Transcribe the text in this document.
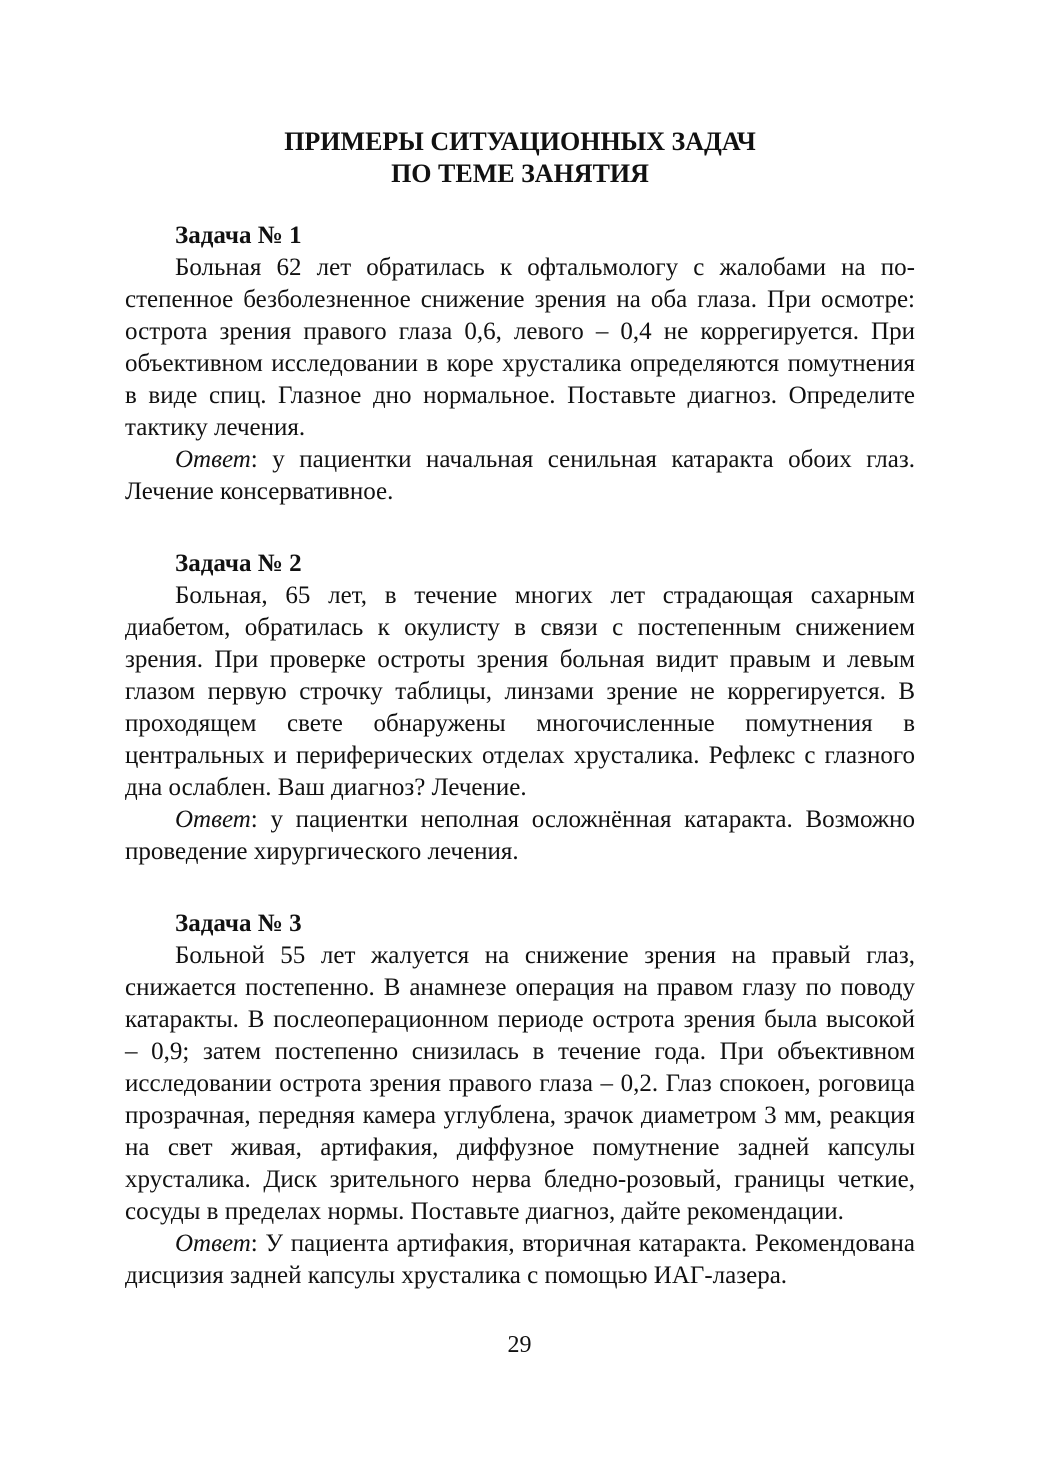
ПРИМЕРЫ СИТУАЦИОННЫХ ЗАДАЧ
ПО ТЕМЕ ЗАНЯТИЯ

Задача № 1

Больная 62 лет обратилась к офтальмологу с жалобами на постепенное безболезненное снижение зрения на оба глаза. При осмотре: острота зрения правого глаза 0,6, левого – 0,4 не коррегируется. При объективном исследовании в коре хрусталика определяются помутнения в виде спиц. Глазное дно нормальное. Поставьте диагноз. Определите тактику лечения.

Ответ: у пациентки начальная сенильная катаракта обоих глаз. Лечение консервативное.

Задача № 2

Больная, 65 лет, в течение многих лет страдающая сахарным диабетом, обратилась к окулисту в связи с постепенным снижением зрения. При проверке остроты зрения больная видит правым и левым глазом первую строчку таблицы, линзами зрение не коррегируется. В проходящем свете обнаружены многочисленные помутнения в центральных и периферических отделах хрусталика. Рефлекс с глазного дна ослаблен. Ваш диагноз? Лечение.

Ответ: у пациентки неполная осложнённая катаракта. Возможно проведение хирургического лечения.

Задача № 3

Больной 55 лет жалуется на снижение зрения на правый глаз, снижается постепенно. В анамнезе операция на правом глазу по поводу катаракты. В послеоперационном периоде острота зрения была высокой – 0,9; затем постепенно снизилась в течение года. При объективном исследовании острота зрения правого глаза – 0,2. Глаз спокоен, роговица прозрачная, передняя камера углублена, зрачок диаметром 3 мм, реакция на свет живая, артифакия, диффузное помутнение задней капсулы хрусталика. Диск зрительного нерва бледно-розовый, границы четкие, сосуды в пределах нормы. Поставьте диагноз, дайте рекомендации.

Ответ: У пациента артифакия, вторичная катаракта. Рекомендована дисцизия задней капсулы хрусталика с помощью ИАГ-лазера.

29
